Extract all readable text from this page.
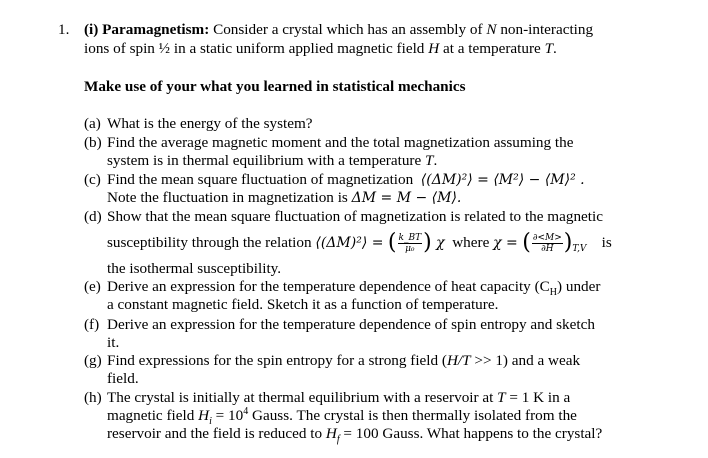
1. (i) Paramagnetism: Consider a crystal which has an assembly of N non-interacting
ions of spin ½ in a static uniform applied magnetic field H at a temperature T.
Make use of your what you learned in statistical mechanics
(a) What is the energy of the system?
(b) Find the average magnetic moment and the total magnetization assuming the
system is in thermal equilibrium with a temperature T.
(c) Find the mean square fluctuation of magnetization ⟨(ΔM)²⟩ = ⟨M²⟩ − ⟨M⟩² .
Note the fluctuation in magnetization is ΔM = M − ⟨M⟩.
(d) Show that the mean square fluctuation of magnetization is related to the magnetic
susceptibility through the relation ⟨(ΔM)²⟩ = ( $\frac{k\_BT}{\text{μ₀}}$ ) χ where χ = ( $\frac{\partial<M>}{\partial H} )_{T,V}$ is
the isothermal susceptibility.
(e) Derive an expression for the temperature dependence of heat capacity $(C_H)$ under
a constant magnetic field. Sketch it as a function of temperature.
(f) Derive an expression for the temperature dependence of spin entropy and sketch
it.
(g) Find expressions for the spin entropy for a strong field (H/T >> 1) and a weak
field.
(h) The crystal is initially at thermal equilibrium with a reservoir at T = 1 K in a
magnetic field $H_i = 10^4$ Gauss. The crystal is then thermally isolated from the
reservoir and the field is reduced to $H_f = 100$ Gauss. What happens to the crystal?
